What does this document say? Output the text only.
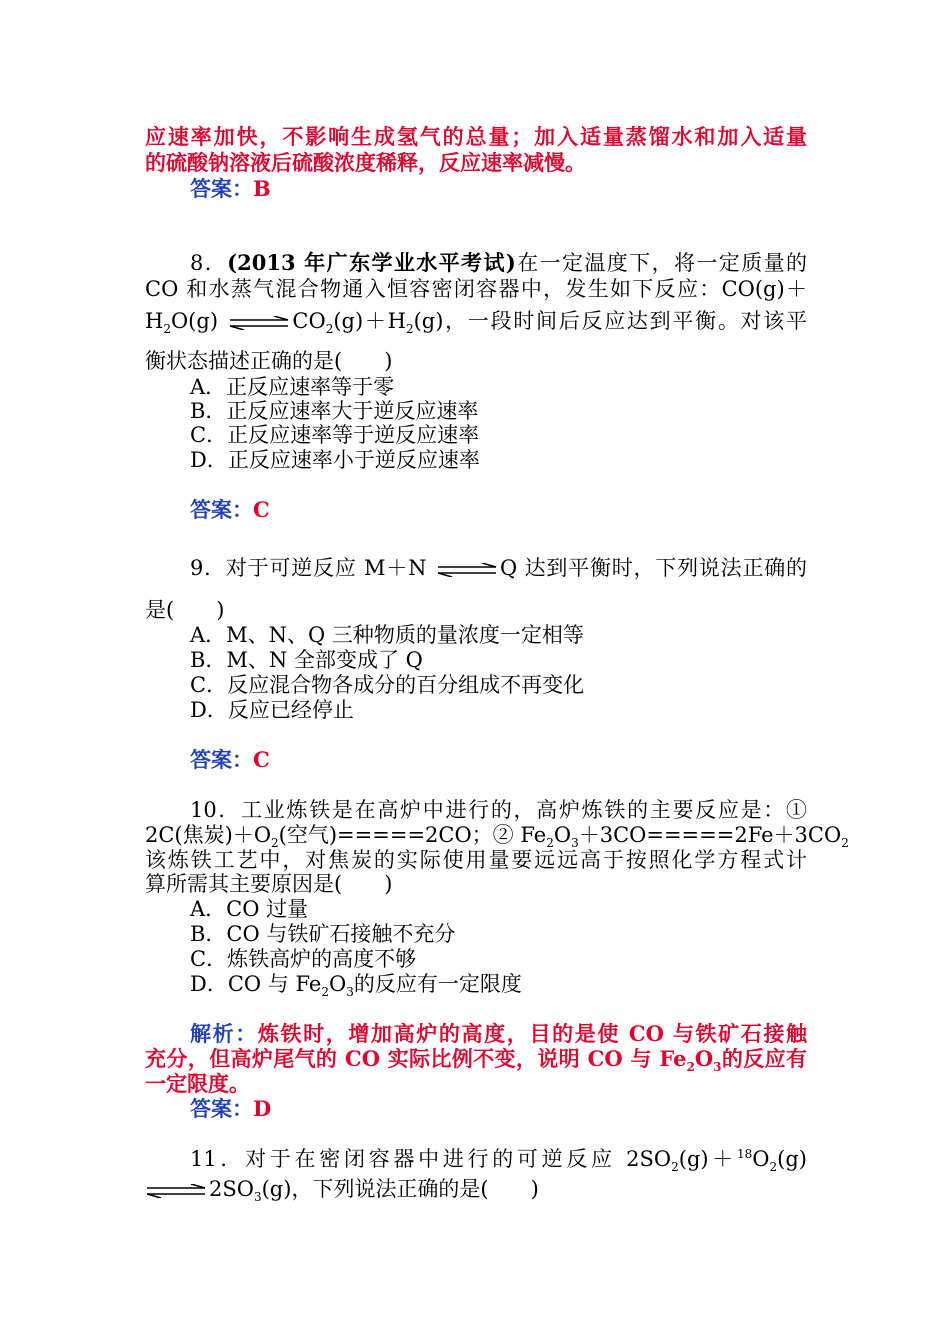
应速率加快，不影响生成氢气的总量；加入适量蒸馏水和加入适量
的硫酸钠溶液后硫酸浓度稀释，反应速率减慢。
答案：B
8．(2013 年广东学业水平考试)在一定温度下，将一定质量的
CO 和水蒸气混合物通入恒容密闭容器中，发生如下反应：CO(g)＋
$H_2O(g)$ ⇌ $CO_2(g)+H_2(g)$，一段时间后反应达到平衡。对该平
衡状态描述正确的是(　　)
A．正反应速率等于零
B．正反应速率大于逆反应速率
C．正反应速率等于逆反应速率
D．正反应速率小于逆反应速率
答案：C
9．对于可逆反应 M＋N ⇌ Q 达到平衡时，下列说法正确的
是(　　)
A．M、N、Q 三种物质的量浓度一定相等
B．M、N 全部变成了 Q
C．反应混合物各成分的百分组成不再变化
D．反应已经停止
答案：C
10．工业炼铁是在高炉中进行的，高炉炼铁的主要反应是：①
2C(焦炭)$+O_2$(空气)=====2CO；② $Fe_2O_3+3CO=====2Fe+3CO_2$
该炼铁工艺中，对焦炭的实际使用量要远远高于按照化学方程式计
算所需其主要原因是(　　)
A．CO 过量
B．CO 与铁矿石接触不充分
C．炼铁高炉的高度不够
D．CO 与 $Fe_2O_3$的反应有一定限度
解析：炼铁时，增加高炉的高度，目的是使 CO 与铁矿石接触
充分，但高炉尾气的 CO 实际比例不变，说明 CO 与 $Fe_2O_3$的反应有
一定限度。
答案：D
11．对于在密闭容器中进行的可逆反应 $2SO_2(g)+^{18}O_2(g)$
⇌ $2SO_3(g)$，下列说法正确的是(　　)
